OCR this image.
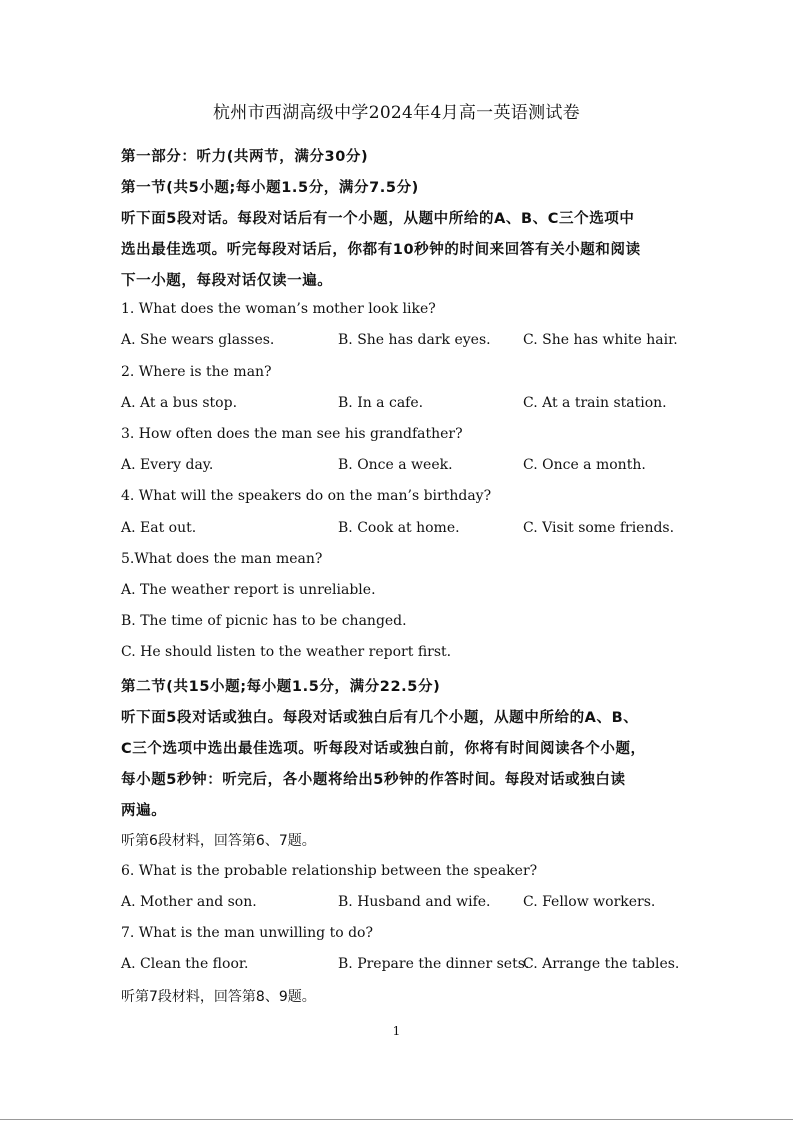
杭州市西湖高级中学2024年4月高一英语测试卷
第一部分：听力(共两节，满分30分)
第一节(共5小题;每小题1.5分，满分7.5分)
听下面5段对话。每段对话后有一个小题，从题中所给的A、B、C三个选项中
选出最佳选项。听完每段对话后，你都有10秒钟的时间来回答有关小题和阅读
下一小题，每段对话仅读一遍。
1. What does the woman’s mother look like?
A. She wears glasses.	B. She has dark eyes. C. She has white hair.
2. Where is the man?
A. At a bus stop.	B. In a cafe.	C. At a train station.
3. How often does the man see his grandfather?
A. Every day.	B. Once a week.	C. Once a month.
4. What will the speakers do on the man’s birthday?
A. Eat out.	B. Cook at home.	C. Visit some friends.
5.What does the man mean?
A. The weather report is unreliable.
B. The time of picnic has to be changed.
C. He should listen to the weather report first.
第二节(共15小题;每小题1.5分，满分22.5分)
听下面5段对话或独白。每段对话或独白后有几个小题，从题中所给的A、B、
C三个选项中选出最佳选项。听每段对话或独白前，你将有时间阅读各个小题，
每小题5秒钟：听完后，各小题将给出5秒钟的作答时间。每段对话或独白读
两遍。
听第6段材料，回答第6、7题。
6. What is the probable relationship between the speaker?
A. Mother and son.	B. Husband and wife. C. Fellow workers.
7. What is the man unwilling to do?
A. Clean the floor.	B. Prepare the dinner sets.
C. Arrange the tables.
听第7段材料，回答第8、9题。
1
